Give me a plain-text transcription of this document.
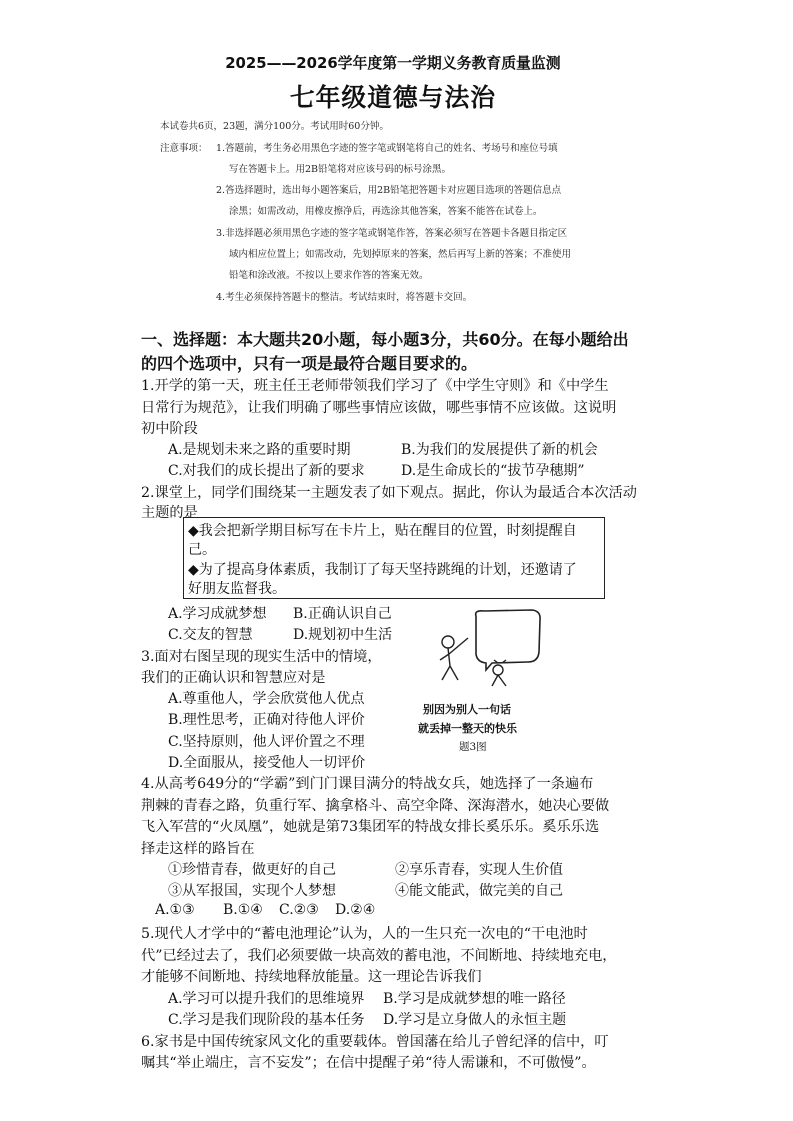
2025——2026学年度第一学期义务教育质量监测
七年级道德与法治
本试卷共6页，23题，满分100分。考试用时60分钟。
注意事项： 1.答题前，考生务必用黑色字迹的签字笔或钢笔将自己的姓名、考场号和座位号填
写在答题卡上。用2B铅笔将对应该号码的标号涂黑。
2.答选择题时，选出每小题答案后，用2B铅笔把答题卡对应题目选项的答题信息点
涂黑；如需改动，用橡皮擦净后，再选涂其他答案，答案不能答在试卷上。
3.非选择题必须用黑色字迹的签字笔或钢笔作答，答案必须写在答题卡各题目指定区
域内相应位置上；如需改动，先划掉原来的答案，然后再写上新的答案；不准使用
铅笔和涂改液。不按以上要求作答的答案无效。
4.考生必须保持答题卡的整洁。考试结束时，将答题卡交回。
一、选择题：本大题共20小题，每小题3分，共60分。在每小题给出
的四个选项中，只有一项是最符合题目要求的。
1.开学的第一天，班主任王老师带领我们学习了《中学生守则》和《中学生
日常行为规范》，让我们明确了哪些事情应该做，哪些事情不应该做。这说明
初中阶段
A.是规划未来之路的重要时期	B.为我们的发展提供了新的机会
C.对我们的成长提出了新的要求	D.是生命成长的“拔节孕穗期”
2.课堂上，同学们围绕某一主题发表了如下观点。据此，你认为最适合本次活动
主题的是
◆我会把新学期目标写在卡片上，贴在醒目的位置，时刻提醒自
己。
◆为了提高身体素质，我制订了每天坚持跳绳的计划，还邀请了
好朋友监督我。
A.学习成就梦想 B.正确认识自己
C.交友的智慧	D.规划初中生活
3.面对右图呈现的现实生活中的情境，
我们的正确认识和智慧应对是
A.尊重他人，学会欣赏他人优点
B.理性思考，正确对待他人评价
C.坚持原则，他人评价置之不理
D.全面服从，接受他人一切评价
别因为别人一句话
就丢掉一整天的快乐
题3图
4.从高考649分的“学霸”到门门课目满分的特战女兵，她选择了一条遍布
荆棘的青春之路，负重行军、擒拿格斗、高空伞降、深海潜水，她决心要做
飞入军营的“火凤凰”，她就是第73集团军的特战女排长奚乐乐。奚乐乐选
择走这样的路旨在
①珍惜青春，做更好的自己	②享乐青春，实现人生价值
③从军报国，实现个人梦想	④能文能武，做完美的自己
A.①③ B.①④ C.②③ D.②④
5.现代人才学中的“蓄电池理论”认为，人的一生只充一次电的“干电池时
代”已经过去了，我们必须要做一块高效的蓄电池，不间断地、持续地充电，
才能够不间断地、持续地释放能量。这一理论告诉我们
A.学习可以提升我们的思维境界 B.学习是成就梦想的唯一路径
C.学习是我们现阶段的基本任务 D.学习是立身做人的永恒主题
6.家书是中国传统家风文化的重要载体。曾国藩在给儿子曾纪泽的信中，叮
嘱其“举止端庄，言不妄发”；在信中提醒子弟“待人需谦和，不可傲慢”。
